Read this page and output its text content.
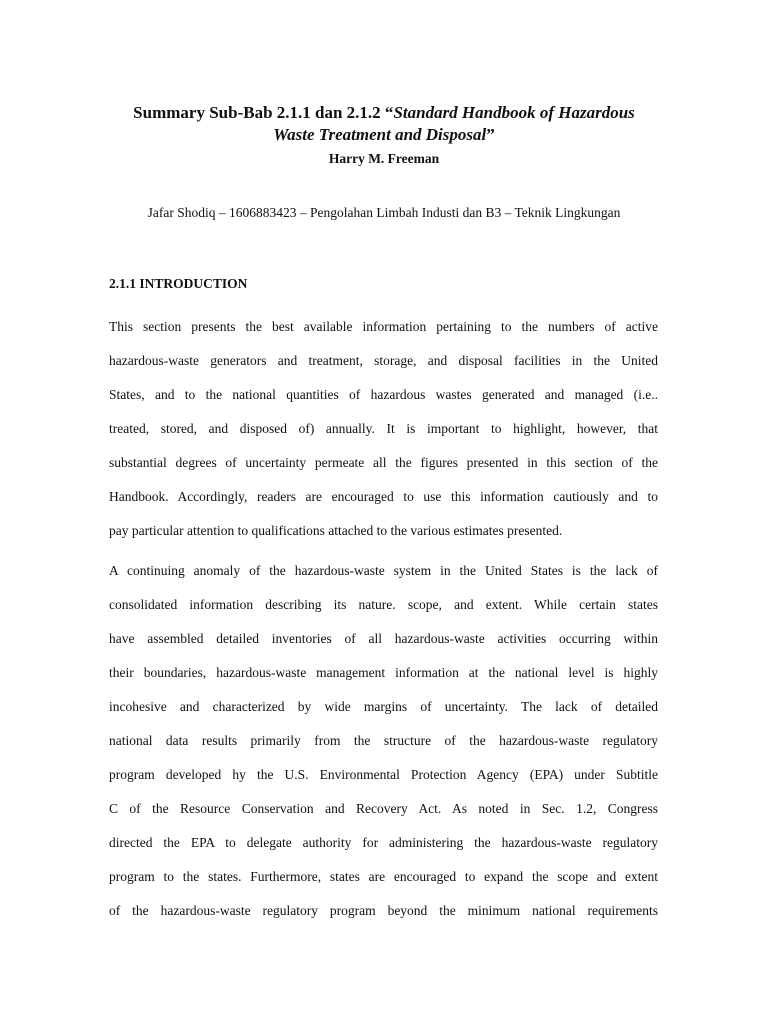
Summary Sub-Bab 2.1.1 dan 2.1.2 “Standard Handbook of Hazardous
Waste Treatment and Disposal”

Harry M. Freeman

Jafar Shodiq – 1606883423 – Pengolahan Limbah Industi dan B3 – Teknik Lingkungan

2.1.1 INTRODUCTION
This section presents the best available information pertaining to the numbers of active
hazardous-waste generators and treatment, storage, and disposal facilities in the United
States, and to the national quantities of hazardous wastes generated and managed (i.e..
treated, stored, and disposed of) annually. It is important to highlight, however, that
substantial degrees of uncertainty permeate all the figures presented in this section of the
Handbook. Accordingly, readers are encouraged to use this information cautiously and to
pay particular attention to qualifications attached to the various estimates presented.
A continuing anomaly of the hazardous-waste system in the United States is the lack of
consolidated information describing its nature. scope, and extent. While certain states
have assembled detailed inventories of all hazardous-waste activities occurring within
their boundaries, hazardous-waste management information at the national level is highly
incohesive and characterized by wide margins of uncertainty. The lack of detailed
national data results primarily from the structure of the hazardous-waste regulatory
program developed hy the U.S. Environmental Protection Agency (EPA) under Subtitle
C of the Resource Conservation and Recovery Act. As noted in Sec. 1.2, Congress
directed the EPA to delegate authority for administering the hazardous-waste regulatory
program to the states. Furthermore, states are encouraged to expand the scope and extent
of the hazardous-waste regulatory program beyond the minimum national requirements
